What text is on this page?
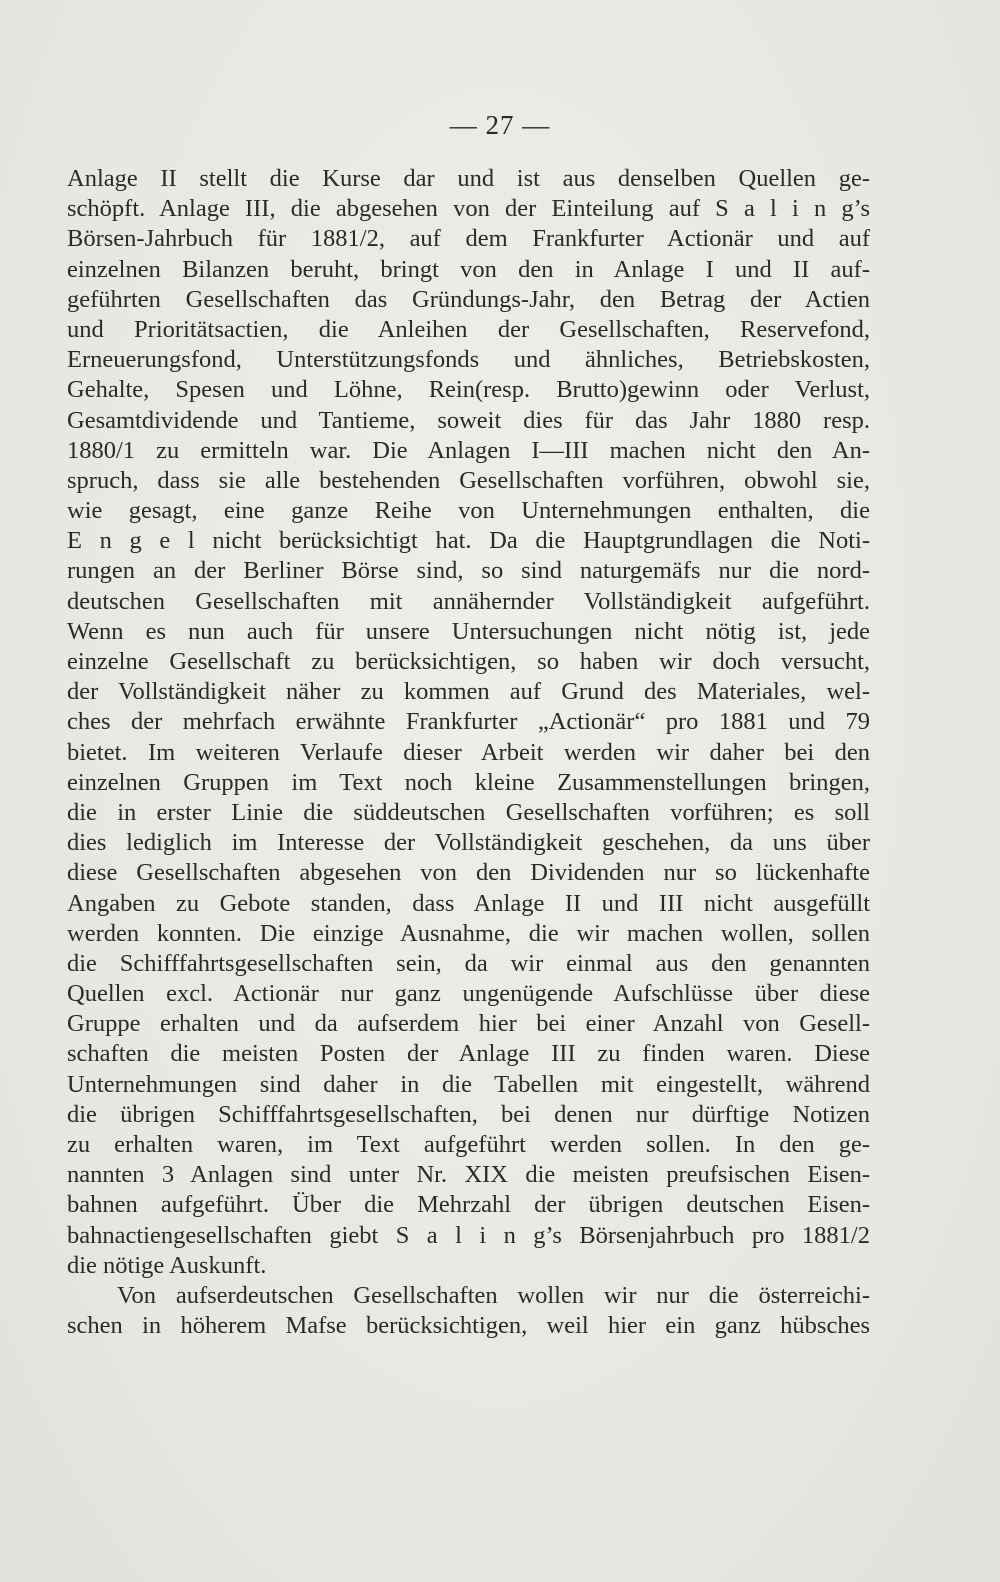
— 27 —
Anlage II stellt die Kurse dar und ist aus denselben Quellen ge-
schöpft. Anlage III, die abgesehen von der Einteilung auf S a l i n g’s
Börsen-Jahrbuch für 1881/2, auf dem Frankfurter Actionär und auf
einzelnen Bilanzen beruht, bringt von den in Anlage I und II auf-
geführten Gesellschaften das Gründungs-Jahr, den Betrag der Actien
und Prioritätsactien, die Anleihen der Gesellschaften, Reservefond,
Erneuerungsfond, Unterstützungsfonds und ähnliches, Betriebskosten,
Gehalte, Spesen und Löhne, Rein(resp. Brutto)gewinn oder Verlust,
Gesamtdividende und Tantieme, soweit dies für das Jahr 1880 resp.
1880/1 zu ermitteln war. Die Anlagen I—III machen nicht den An-
spruch, dass sie alle bestehenden Gesellschaften vorführen, obwohl sie,
wie gesagt, eine ganze Reihe von Unternehmungen enthalten, die
E n g e l nicht berücksichtigt hat. Da die Hauptgrundlagen die Noti-
rungen an der Berliner Börse sind, so sind naturgemäfs nur die nord-
deutschen Gesellschaften mit annähernder Vollständigkeit aufgeführt.
Wenn es nun auch für unsere Untersuchungen nicht nötig ist, jede
einzelne Gesellschaft zu berücksichtigen, so haben wir doch versucht,
der Vollständigkeit näher zu kommen auf Grund des Materiales, wel-
ches der mehrfach erwähnte Frankfurter „Actionär“ pro 1881 und 79
bietet. Im weiteren Verlaufe dieser Arbeit werden wir daher bei den
einzelnen Gruppen im Text noch kleine Zusammenstellungen bringen,
die in erster Linie die süddeutschen Gesellschaften vorführen; es soll
dies lediglich im Interesse der Vollständigkeit geschehen, da uns über
diese Gesellschaften abgesehen von den Dividenden nur so lückenhafte
Angaben zu Gebote standen, dass Anlage II und III nicht ausgefüllt
werden konnten. Die einzige Ausnahme, die wir machen wollen, sollen
die Schifffahrtsgesellschaften sein, da wir einmal aus den genannten
Quellen excl. Actionär nur ganz ungenügende Aufschlüsse über diese
Gruppe erhalten und da aufserdem hier bei einer Anzahl von Gesell-
schaften die meisten Posten der Anlage III zu finden waren. Diese
Unternehmungen sind daher in die Tabellen mit eingestellt, während
die übrigen Schifffahrtsgesellschaften, bei denen nur dürftige Notizen
zu erhalten waren, im Text aufgeführt werden sollen. In den ge-
nannten 3 Anlagen sind unter Nr. XIX die meisten preufsischen Eisen-
bahnen aufgeführt. Über die Mehrzahl der übrigen deutschen Eisen-
bahnactiengesellschaften giebt S a l i n g’s Börsenjahrbuch pro 1881/2
die nötige Auskunft.
Von aufserdeutschen Gesellschaften wollen wir nur die österreichi-
schen in höherem Mafse berücksichtigen, weil hier ein ganz hübsches
